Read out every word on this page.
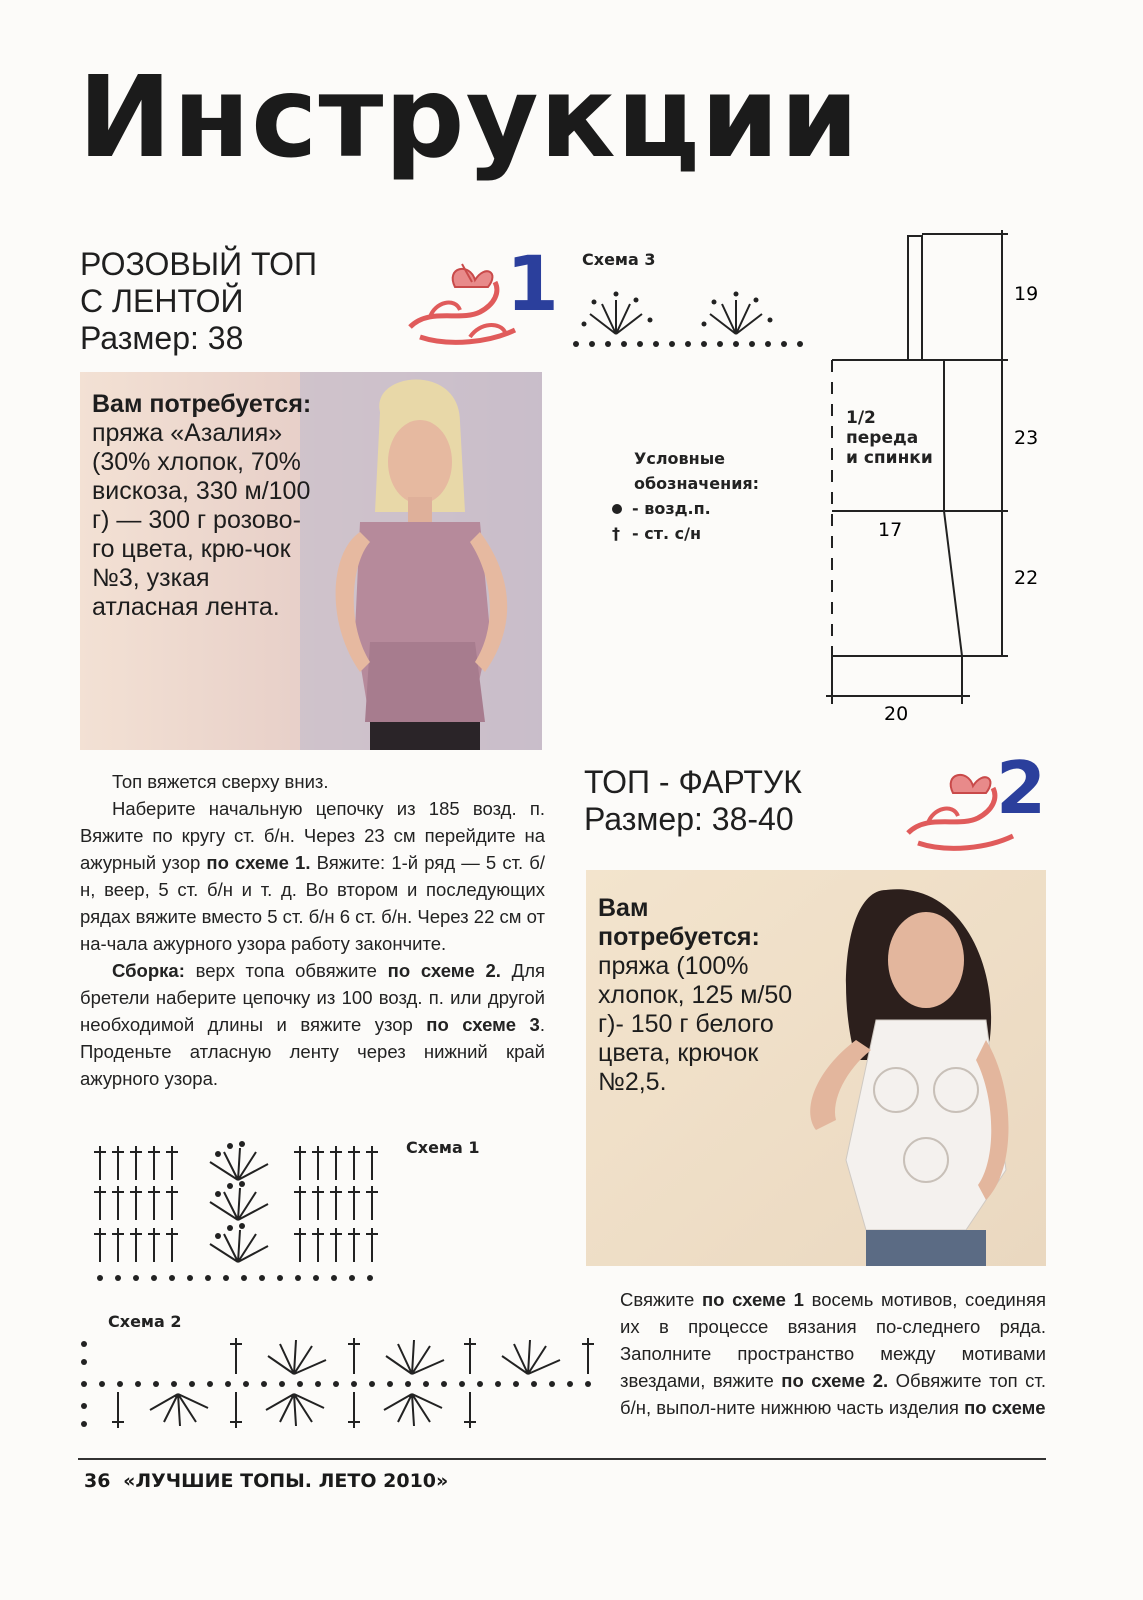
Инструкции
РОЗОВЫЙ ТОП
С ЛЕНТОЙ
Размер: 38
1
Вам потребуется:
пряжа «Азалия» (30% хлопок, 70% вискоза, 330 м/100 г) — 300 г розово-го цвета, крю-чок №3, узкая атласная лента.
Схема 3
Условные
обозначения:
- возд.п.
† - ст. с/н
19
23
22
17
20
1/2
переда
и спинки

Топ вяжется сверху вниз.

Наберите начальную цепочку из 185 возд. п. Вяжите по кругу ст. б/н. Через 23 см перейдите на ажурный узор по схеме 1. Вяжите: 1-й ряд — 5 ст. б/н, веер, 5 ст. б/н и т. д. Во втором и последующих рядах вяжите вместо 5 ст. б/н 6 ст. б/н. Через 22 см от на-чала ажурного узора работу закончите.

Сборка: верх топа обвяжите по схеме 2. Для бретели наберите цепочку из 100 возд. п. или другой необходимой длины и вяжите узор по схеме 3. Проденьте атласную ленту через нижний край ажурного узора.

Схема 1
Схема 2
ТОП - ФАРТУК
Размер: 38-40	2
Вам потребуется:
пряжа (100% хлопок, 125 м/50 г)- 150 г белого цвета, крючок №2,5.

Свяжите по схеме 1 восемь мотивов, соединяя их в процессе вязания по-следнего ряда. Заполните пространство между мотивами звездами, вяжите по схеме 2. Обвяжите топ ст. б/н, выпол-ните нижнюю часть изделия по схеме

36 «ЛУЧШИЕ ТОПЫ. ЛЕТО 2010»
